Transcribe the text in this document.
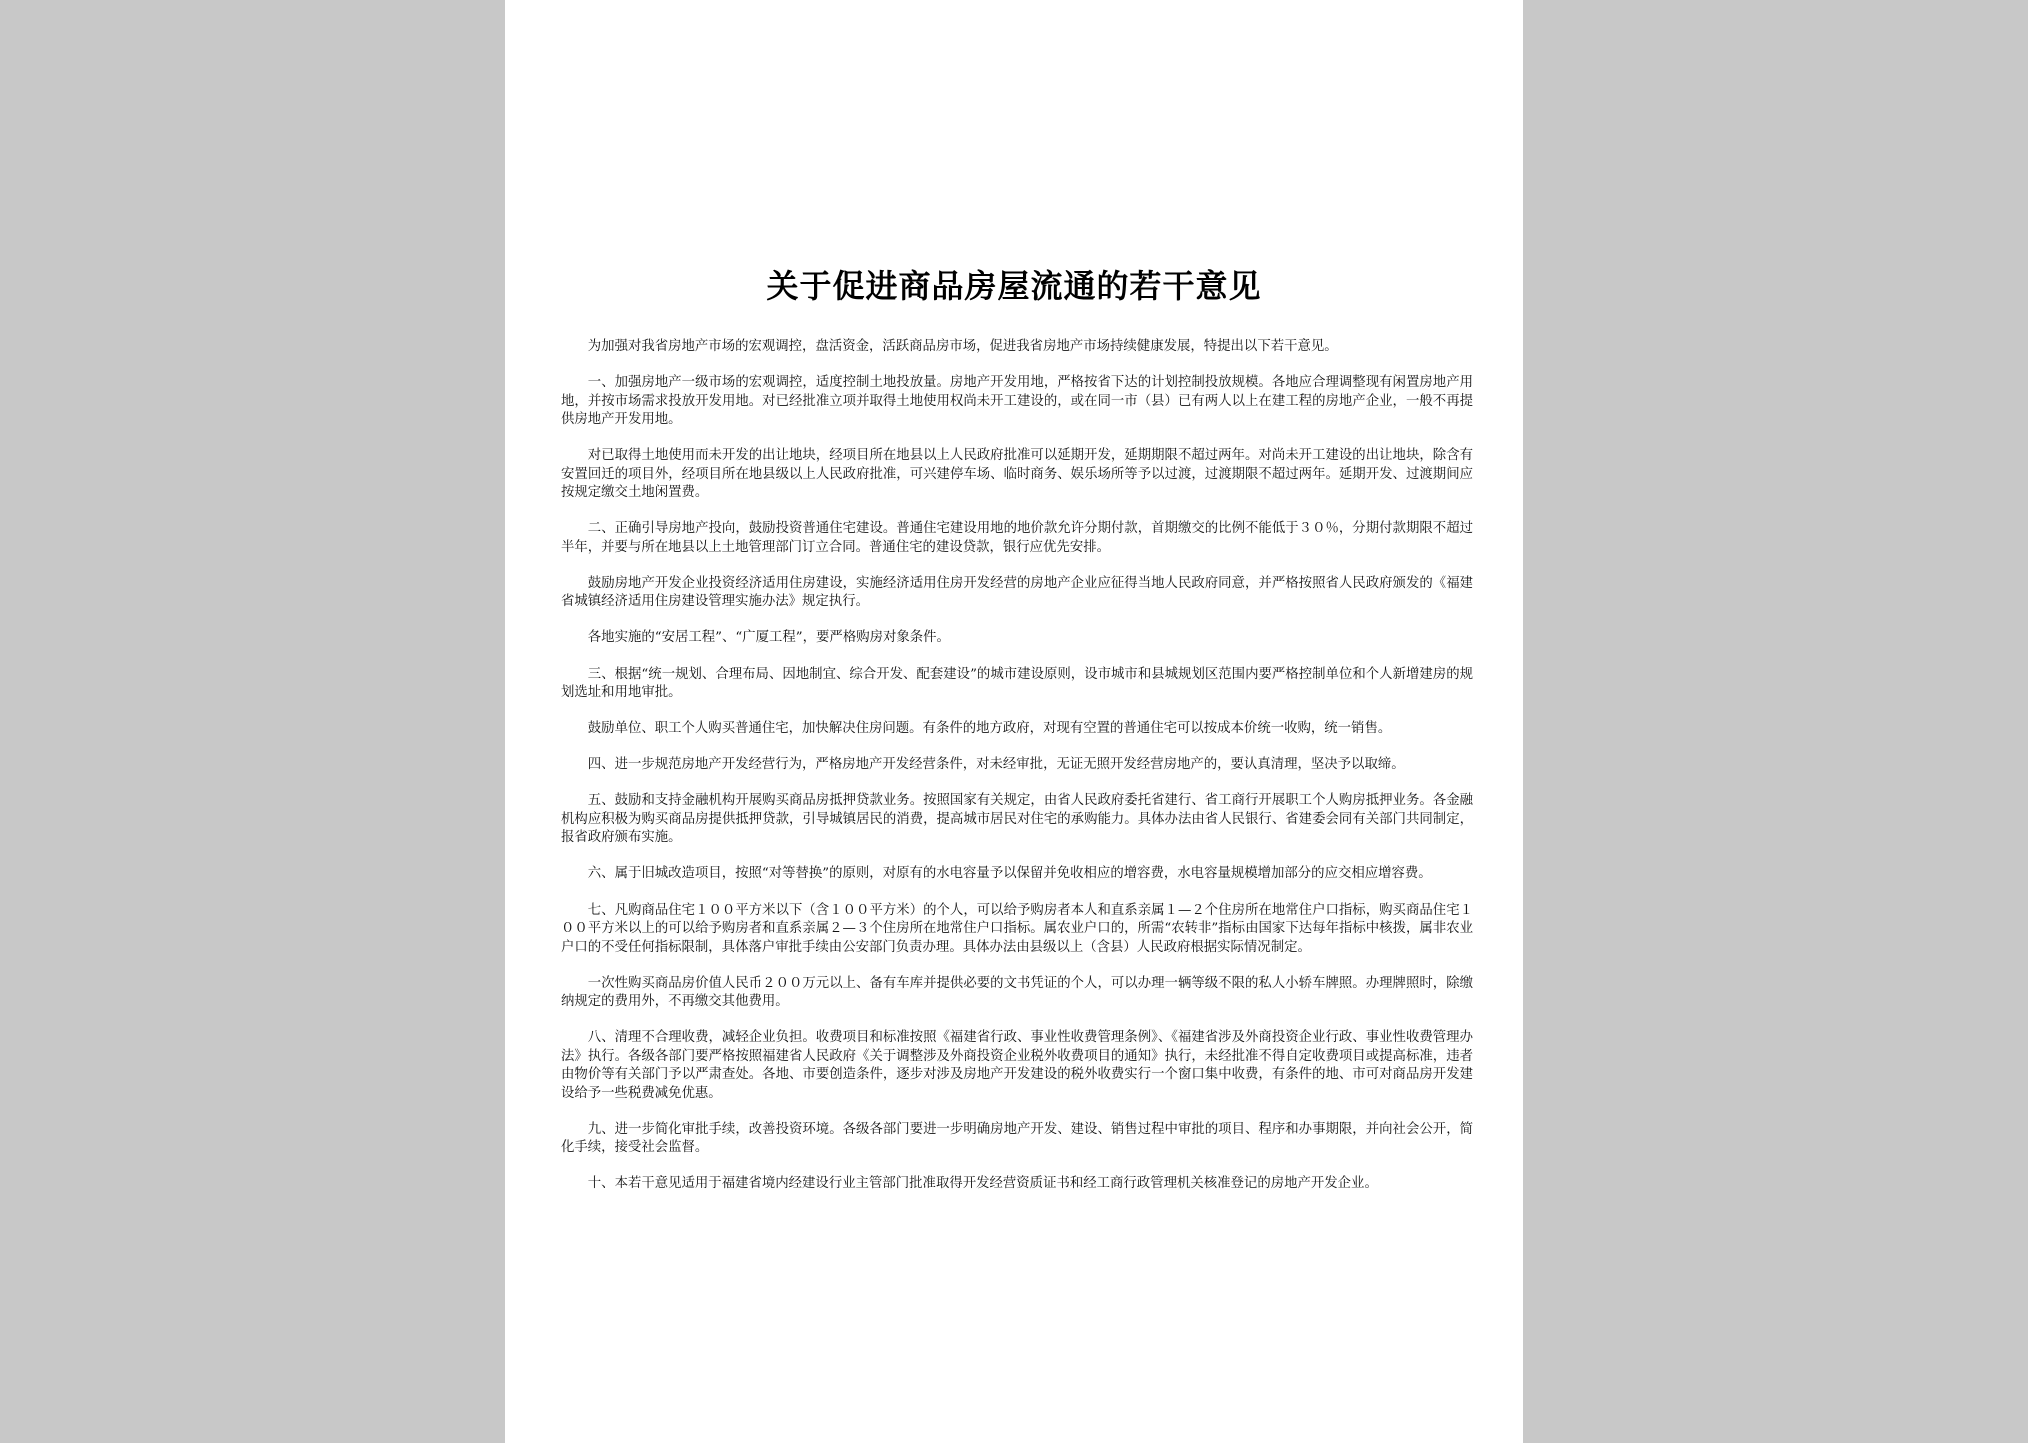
关于促进商品房屋流通的若干意见

为加强对我省房地产市场的宏观调控，盘活资金，活跃商品房市场，促进我省房地产市场持续健康发展，特提出以下若干意见。

一、加强房地产一级市场的宏观调控，适度控制土地投放量。房地产开发用地，严格按省下达的计划控制投放规模。各地应合理调整现有闲置房地产用地，并按市场需求投放开发用地。对已经批准立项并取得土地使用权尚未开工建设的，或在同一市（县）已有两人以上在建工程的房地产企业，一般不再提供房地产开发用地。

对已取得土地使用而未开发的出让地块，经项目所在地县以上人民政府批准可以延期开发，延期期限不超过两年。对尚未开工建设的出让地块，除含有安置回迁的项目外，经项目所在地县级以上人民政府批准，可兴建停车场、临时商务、娱乐场所等予以过渡，过渡期限不超过两年。延期开发、过渡期间应按规定缴交土地闲置费。

二、正确引导房地产投向，鼓励投资普通住宅建设。普通住宅建设用地的地价款允许分期付款，首期缴交的比例不能低于３０％，分期付款期限不超过半年，并要与所在地县以上土地管理部门订立合同。普通住宅的建设贷款，银行应优先安排。

鼓励房地产开发企业投资经济适用住房建设，实施经济适用住房开发经营的房地产企业应征得当地人民政府同意，并严格按照省人民政府颁发的《福建省城镇经济适用住房建设管理实施办法》规定执行。

各地实施的“安居工程”、“广厦工程”，要严格购房对象条件。

三、根据“统一规划、合理布局、因地制宜、综合开发、配套建设”的城市建设原则，设市城市和县城规划区范围内要严格控制单位和个人新增建房的规划选址和用地审批。

鼓励单位、职工个人购买普通住宅，加快解决住房问题。有条件的地方政府，对现有空置的普通住宅可以按成本价统一收购，统一销售。

四、进一步规范房地产开发经营行为，严格房地产开发经营条件，对未经审批，无证无照开发经营房地产的，要认真清理，坚决予以取缔。

五、鼓励和支持金融机构开展购买商品房抵押贷款业务。按照国家有关规定，由省人民政府委托省建行、省工商行开展职工个人购房抵押业务。各金融机构应积极为购买商品房提供抵押贷款，引导城镇居民的消费，提高城市居民对住宅的承购能力。具体办法由省人民银行、省建委会同有关部门共同制定，报省政府颁布实施。

六、属于旧城改造项目，按照“对等替换”的原则，对原有的水电容量予以保留并免收相应的增容费，水电容量规模增加部分的应交相应增容费。

七、凡购商品住宅１００平方米以下（含１００平方米）的个人，可以给予购房者本人和直系亲属１—２个住房所在地常住户口指标，购买商品住宅１００平方米以上的可以给予购房者和直系亲属２—３个住房所在地常住户口指标。属农业户口的，所需“农转非”指标由国家下达每年指标中核拨，属非农业户口的不受任何指标限制，具体落户审批手续由公安部门负责办理。具体办法由县级以上（含县）人民政府根据实际情况制定。

一次性购买商品房价值人民币２００万元以上、备有车库并提供必要的文书凭证的个人，可以办理一辆等级不限的私人小轿车牌照。办理牌照时，除缴纳规定的费用外，不再缴交其他费用。

八、清理不合理收费，减轻企业负担。收费项目和标准按照《福建省行政、事业性收费管理条例》、《福建省涉及外商投资企业行政、事业性收费管理办法》执行。各级各部门要严格按照福建省人民政府《关于调整涉及外商投资企业税外收费项目的通知》执行，未经批准不得自定收费项目或提高标准，违者由物价等有关部门予以严肃查处。各地、市要创造条件，逐步对涉及房地产开发建设的税外收费实行一个窗口集中收费，有条件的地、市可对商品房开发建设给予一些税费减免优惠。

九、进一步简化审批手续，改善投资环境。各级各部门要进一步明确房地产开发、建设、销售过程中审批的项目、程序和办事期限，并向社会公开，简化手续，接受社会监督。

十、本若干意见适用于福建省境内经建设行业主管部门批准取得开发经营资质证书和经工商行政管理机关核准登记的房地产开发企业。
